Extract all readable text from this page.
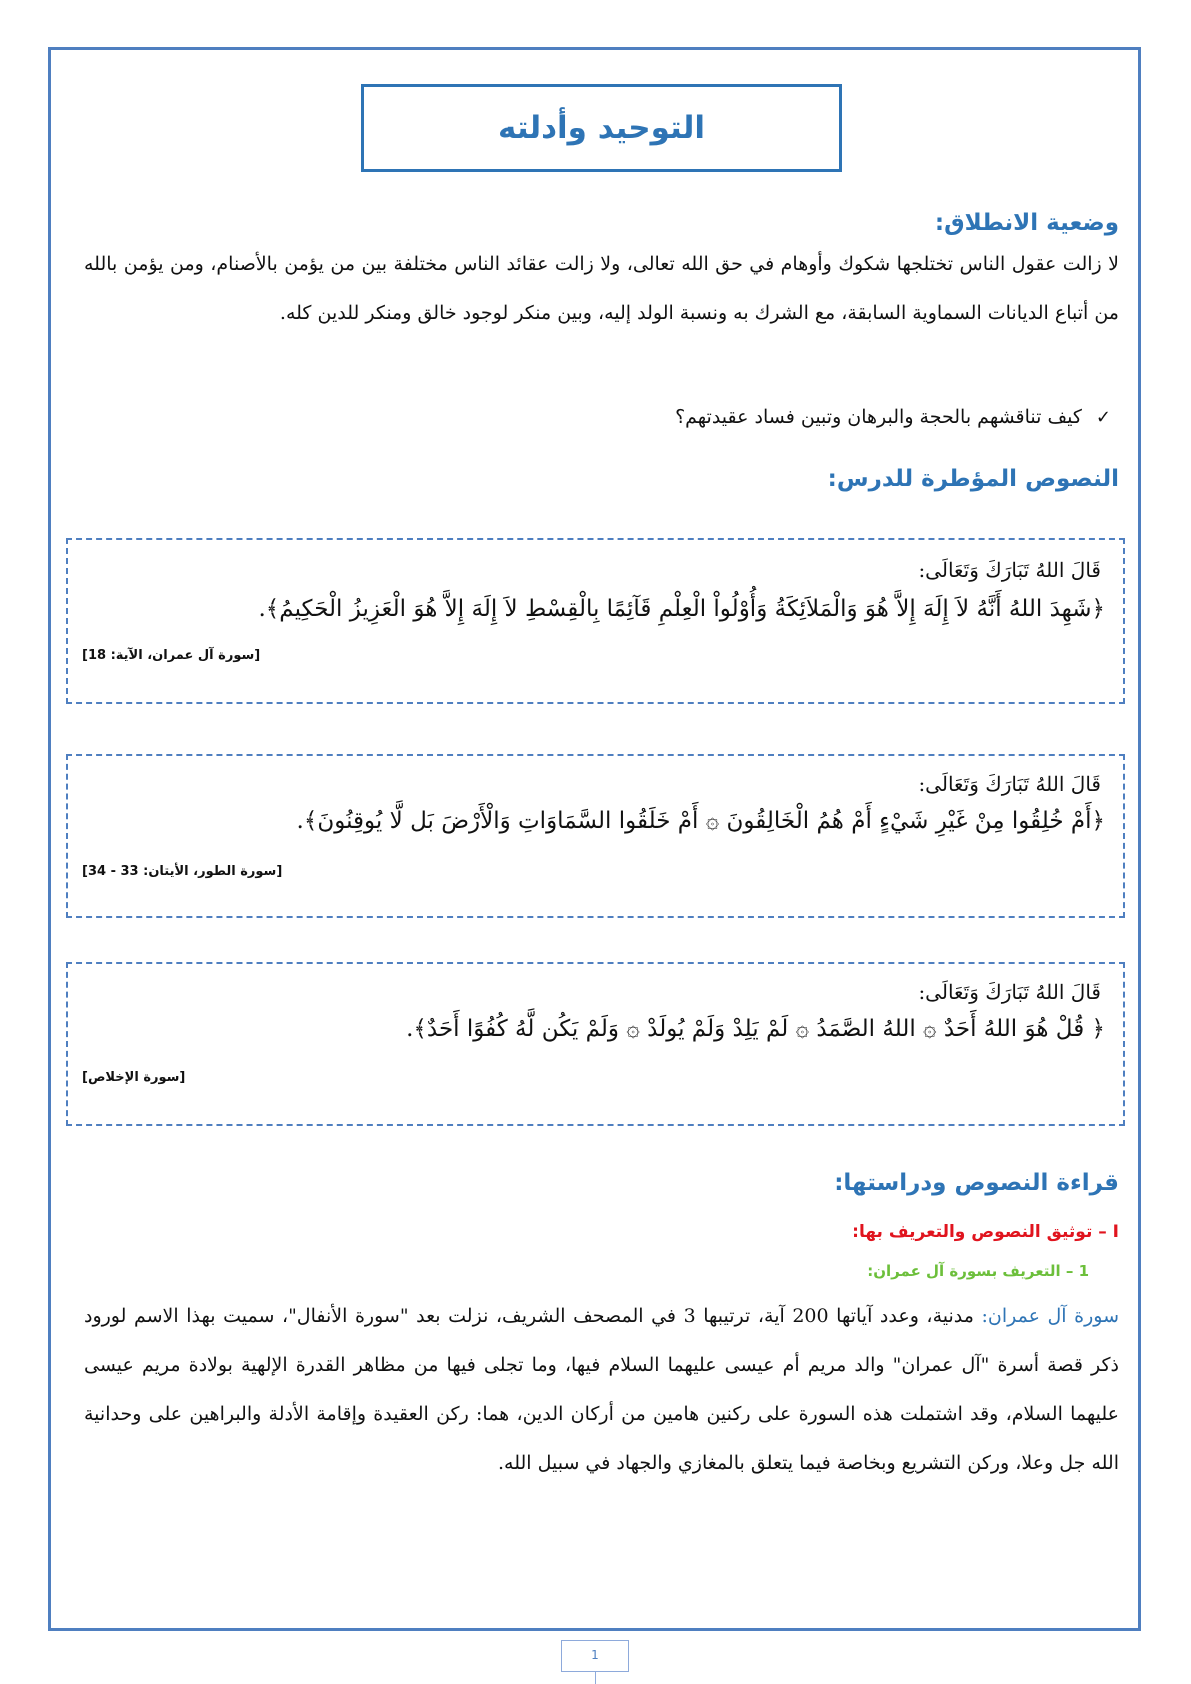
التوحيد وأدلته
وضعية الانطلاق:
لا زالت عقول الناس تختلجها شكوك وأوهام في حق الله تعالى، ولا زالت عقائد الناس مختلفة بين من يؤمن بالأصنام، ومن يؤمن بالله من أتباع الديانات السماوية السابقة، مع الشرك به ونسبة الولد إليه، وبين منكر لوجود خالق ومنكر للدين كله.
✓
كيف تناقشهم بالحجة والبرهان وتبين فساد عقيدتهم؟
النصوص المؤطرة للدرس:
قَالَ اللهُ تَبَارَكَ وَتَعَالَى:
﴿شَهِدَ اللهُ أَنَّهُ لاَ إِلَهَ إِلاَّ هُوَ وَالْمَلاَئِكَةُ وَأُوْلُواْ الْعِلْمِ قَآئِمًا بِالْقِسْطِ لاَ إِلَهَ إِلاَّ هُوَ الْعَزِيزُ الْحَكِيمُ﴾.
[سورة آل عمران، الآية: 18]
قَالَ اللهُ تَبَارَكَ وَتَعَالَى:
﴿أَمْ خُلِقُوا مِنْ غَيْرِ شَيْءٍ أَمْ هُمُ الْخَالِقُونَ ۞ أَمْ خَلَقُوا السَّمَاوَاتِ وَالْأَرْضَ بَل لَّا يُوقِنُونَ﴾.
[سورة الطور، الأيتان: 33 - 34]
قَالَ اللهُ تَبَارَكَ وَتَعَالَى:
﴿ قُلْ هُوَ اللهُ أَحَدٌ ۞ اللهُ الصَّمَدُ ۞ لَمْ يَلِدْ وَلَمْ يُولَدْ ۞ وَلَمْ يَكُن لَّهُ كُفُوًا أَحَدٌ﴾.
[سورة الإخلاص]
قراءة النصوص ودراستها:
I – توثيق النصوص والتعريف بها:
1 – التعريف بسورة آل عمران:
سورة آل عمران: مدنية، وعدد آياتها 200 آية، ترتيبها 3 في المصحف الشريف، نزلت بعد "سورة الأنفال"، سميت بهذا الاسم لورود ذكر قصة أسرة "آل عمران" والد مريم أم عيسى عليهما السلام فيها، وما تجلى فيها من مظاهر القدرة الإلهية بولادة مريم عيسى عليهما السلام، وقد اشتملت هذه السورة على ركنين هامين من أركان الدين، هما: ركن العقيدة وإقامة الأدلة والبراهين على وحدانية الله جل وعلا، وركن التشريع وبخاصة فيما يتعلق بالمغازي والجهاد في سبيل الله.
1
